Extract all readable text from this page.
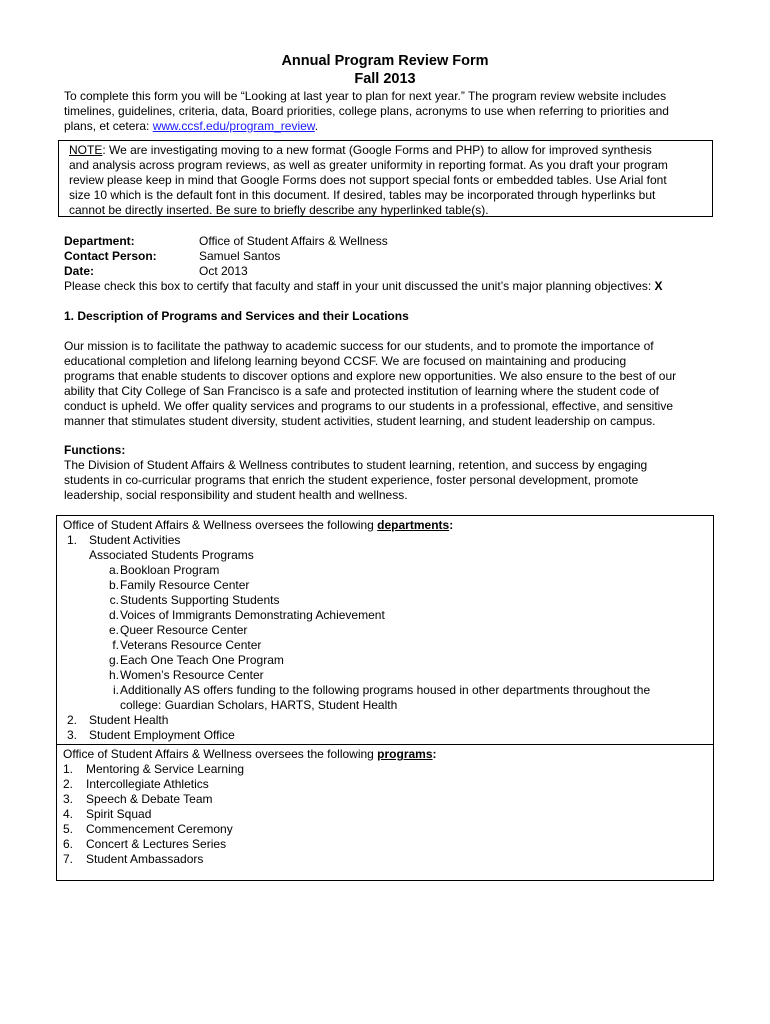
Annual Program Review Form
Fall 2013
To complete this form you will be “Looking at last year to plan for next year.” The program review website includes
timelines, guidelines, criteria, data, Board priorities, college plans, acronyms to use when referring to priorities and
plans, et cetera: www.ccsf.edu/program_review.
NOTE: We are investigating moving to a new format (Google Forms and PHP) to allow for improved synthesis
and analysis across program reviews, as well as greater uniformity in reporting format. As you draft your program
review please keep in mind that Google Forms does not support special fonts or embedded tables. Use Arial font
size 10 which is the default font in this document. If desired, tables may be incorporated through hyperlinks but
cannot be directly inserted. Be sure to briefly describe any hyperlinked table(s).
Department:	Office of Student Affairs & Wellness
Contact Person:	Samuel Santos
Date:	Oct 2013
Please check this box to certify that faculty and staff in your unit discussed the unit’s major planning objectives: X
1. Description of Programs and Services and their Locations
Our mission is to facilitate the pathway to academic success for our students, and to promote the importance of
educational completion and lifelong learning beyond CCSF. We are focused on maintaining and producing
programs that enable students to discover options and explore new opportunities. We also ensure to the best of our
ability that City College of San Francisco is a safe and protected institution of learning where the student code of
conduct is upheld. We offer quality services and programs to our students in a professional, effective, and sensitive
manner that stimulates student diversity, student activities, student learning, and student leadership on campus.
Functions:
The Division of Student Affairs & Wellness contributes to student learning, retention, and success by engaging
students in co-curricular programs that enrich the student experience, foster personal development, promote
leadership, social responsibility and student health and wellness.
Office of Student Affairs & Wellness oversees the following departments:
1. Student Activities
Associated Students Programs
a. Bookloan Program
b. Family Resource Center
c. Students Supporting Students
d. Voices of Immigrants Demonstrating Achievement
e. Queer Resource Center
f. Veterans Resource Center
g. Each One Teach One Program
h. Women’s Resource Center
i. Additionally AS offers funding to the following programs housed in other departments throughout the
college: Guardian Scholars, HARTS, Student Health
2. Student Health
3. Student Employment Office
Office of Student Affairs & Wellness oversees the following programs:
1. Mentoring & Service Learning
2. Intercollegiate Athletics
3. Speech & Debate Team
4. Spirit Squad
5. Commencement Ceremony
6. Concert & Lectures Series
7. Student Ambassadors
